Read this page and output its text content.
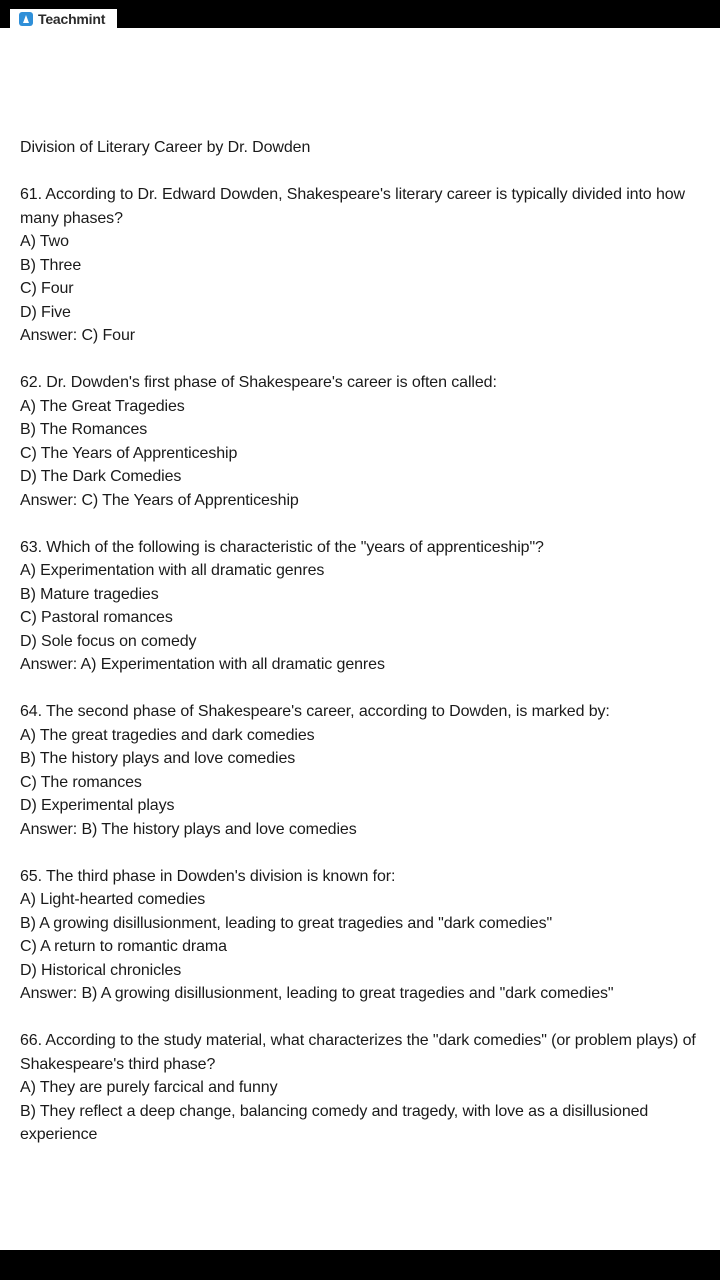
Teachmint
Division of Literary Career by Dr. Dowden
61. According to Dr. Edward Dowden, Shakespeare's literary career is typically divided into how many phases?
A) Two
B) Three
C) Four
D) Five
Answer: C) Four
62. Dr. Dowden's first phase of Shakespeare's career is often called:
A) The Great Tragedies
B) The Romances
C) The Years of Apprenticeship
D) The Dark Comedies
Answer: C) The Years of Apprenticeship
63. Which of the following is characteristic of the "years of apprenticeship"?
A) Experimentation with all dramatic genres
B) Mature tragedies
C) Pastoral romances
D) Sole focus on comedy
Answer: A) Experimentation with all dramatic genres
64. The second phase of Shakespeare's career, according to Dowden, is marked by:
A) The great tragedies and dark comedies
B) The history plays and love comedies
C) The romances
D) Experimental plays
Answer: B) The history plays and love comedies
65. The third phase in Dowden's division is known for:
A) Light-hearted comedies
B) A growing disillusionment, leading to great tragedies and "dark comedies"
C) A return to romantic drama
D) Historical chronicles
Answer: B) A growing disillusionment, leading to great tragedies and "dark comedies"
66. According to the study material, what characterizes the "dark comedies" (or problem plays) of Shakespeare's third phase?
A) They are purely farcical and funny
B) They reflect a deep change, balancing comedy and tragedy, with love as a disillusioned experience
